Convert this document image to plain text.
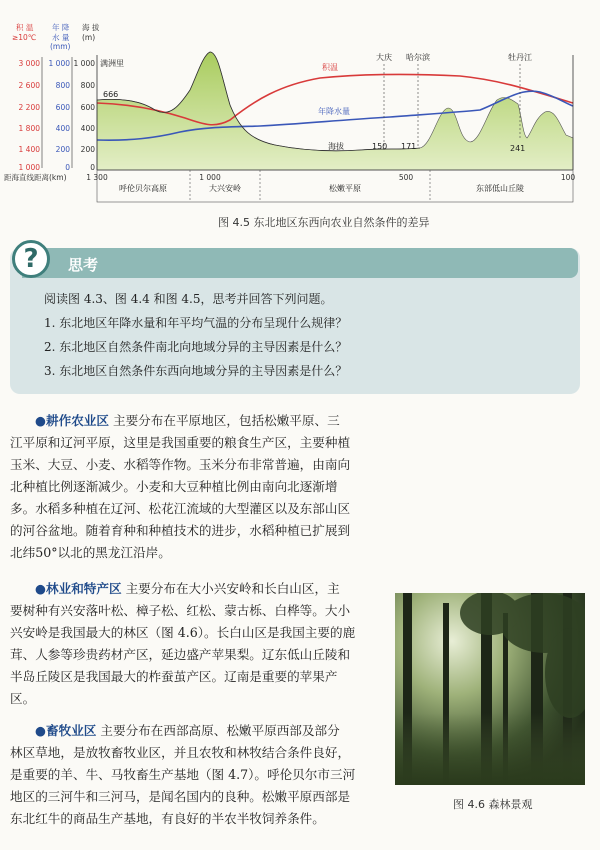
积 温
≥10℃
年 降
水 量
(mm)
海 拔
(m)
3 000
2 600
2 200
1 800
1 400
1 000
1 000
800
600
400
200
0
1 000
800
600
400
200
0
距海直线距离(km)	1 300	1 000	500	100
满洲里
大庆 哈尔滨	牡丹江
积温
年降水量
海拔
666
150 171	241
呼伦贝尔高原	大兴安岭	松嫩平原	东部低山丘陵
图 4.5 东北地区东西向农业自然条件的差异
?	思考
阅读图 4.3、图 4.4 和图 4.5，思考并回答下列问题。
1. 东北地区年降水量和年平均气温的分布呈现什么规律？
2. 东北地区自然条件南北向地域分异的主导因素是什么？
3. 东北地区自然条件东西向地域分异的主导因素是什么？
●耕作农业区 主要分布在平原地区，包括松嫩平原、三
江平原和辽河平原，这里是我国重要的粮食生产区，主要种植
玉米、大豆、小麦、水稻等作物。玉米分布非常普遍，由南向
北种植比例逐渐减少。小麦和大豆种植比例由南向北逐渐增
多。水稻多种植在辽河、松花江流域的大型灌区以及东部山区
的河谷盆地。随着育种和种植技术的进步，水稻种植已扩展到
北纬50°以北的黑龙江沿岸。
●林业和特产区 主要分布在大小兴安岭和长白山区，主
要树种有兴安落叶松、樟子松、红松、蒙古栎、白桦等。大小
兴安岭是我国最大的林区（图 4.6）。长白山区是我国主要的鹿
茸、人参等珍贵药材产区，延边盛产苹果梨。辽东低山丘陵和
半岛丘陵区是我国最大的柞蚕茧产区。辽南是重要的苹果产
区。
●畜牧业区 主要分布在西部高原、松嫩平原西部及部分
林区草地，是放牧畜牧业区，并且农牧和林牧结合条件良好，
是重要的羊、牛、马牧畜生产基地（图 4.7）。呼伦贝尔市三河
地区的三河牛和三河马，是闻名国内的良种。松嫩平原西部是
东北红牛的商品生产基地，有良好的半农半牧饲养条件。
图 4.6 森林景观
